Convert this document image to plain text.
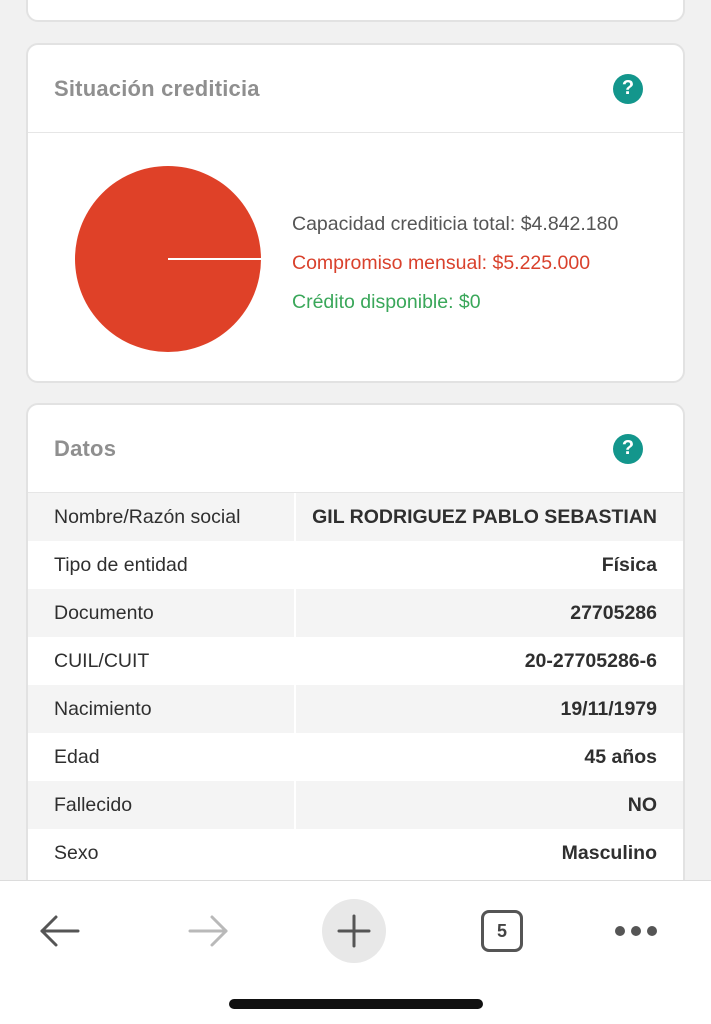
Situación crediticia	?
Capacidad crediticia total: $4.842.180
Compromiso mensual: $5.225.000
Crédito disponible: $0
Datos	?
Nombre/Razón social	GIL RODRIGUEZ PABLO SEBASTIAN
Tipo de entidad	Física
Documento	27705286
CUIL/CUIT	20-27705286-6
Nacimiento	19/11/1979
Edad	45 años
Fallecido	NO
Sexo	Masculino
5
